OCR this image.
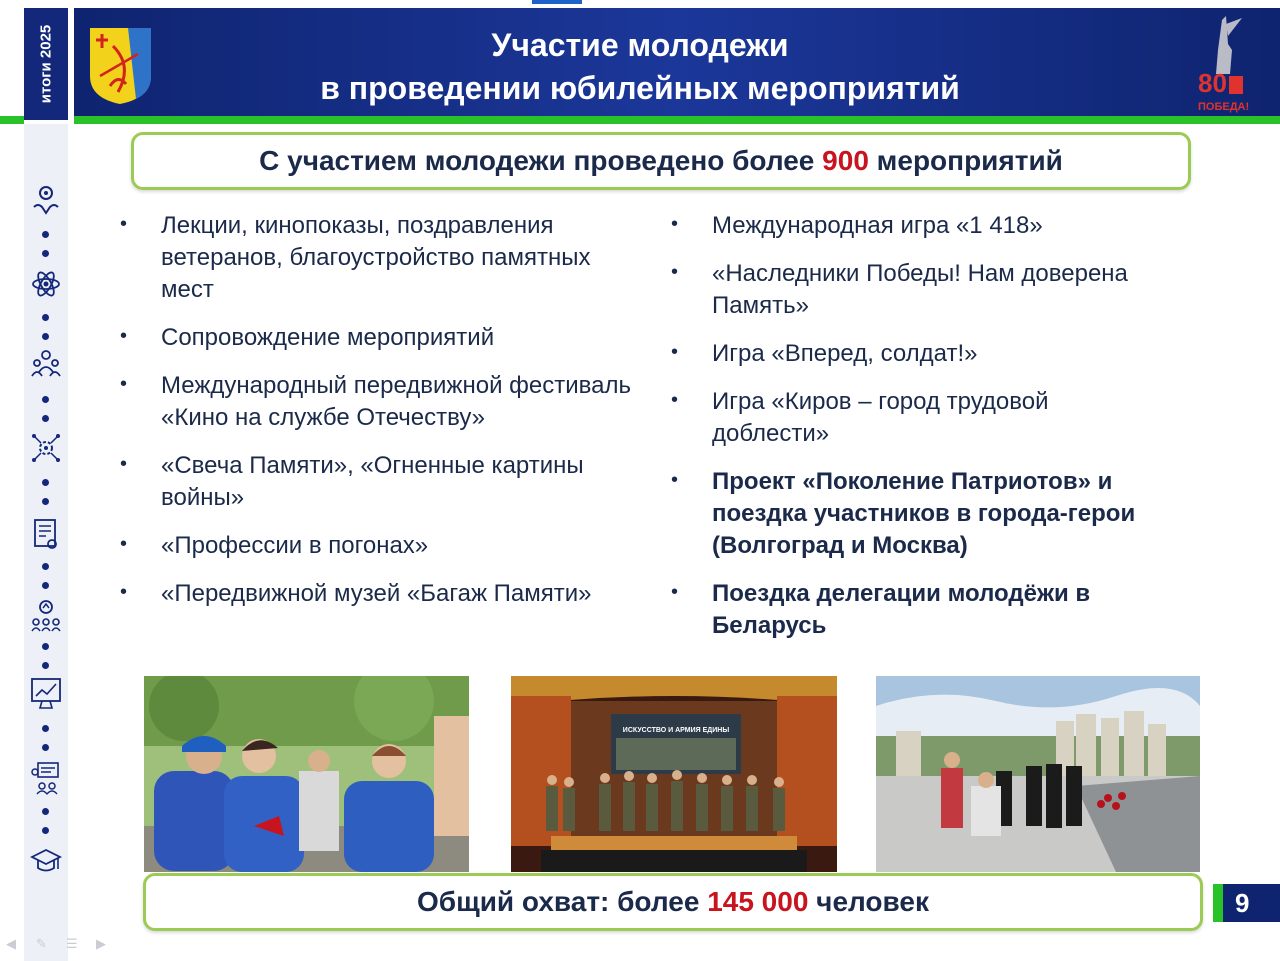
итоги 2025	Участие молодежи
в проведении юбилейных мероприятий	80
ПОБЕДА!
С участием молодежи проведено более 900 мероприятий
• Лекции, кинопоказы, поздравления ветеранов, благоустройство памятных мест
• Сопровождение мероприятий
• Международный передвижной фестиваль «Кино на службе Отечеству»
• «Свеча Памяти», «Огненные картины войны»
• «Профессии в погонах»
• «Передвижной музей «Багаж Памяти»
• Международная игра «1 418»
• «Наследники Победы! Нам доверена Память»
• Игра «Вперед, солдат!»
• Игра «Киров – город трудовой доблести»
• Проект «Поколение Патриотов» и поездка участников в города-герои (Волгоград и Москва)
• Поездка делегации молодёжи в Беларусь
ИСКУССТВО И АРМИЯ ЕДИНЫ
Общий охват: более 145 000 человек	9
◀ ✎ ☰ ▶
